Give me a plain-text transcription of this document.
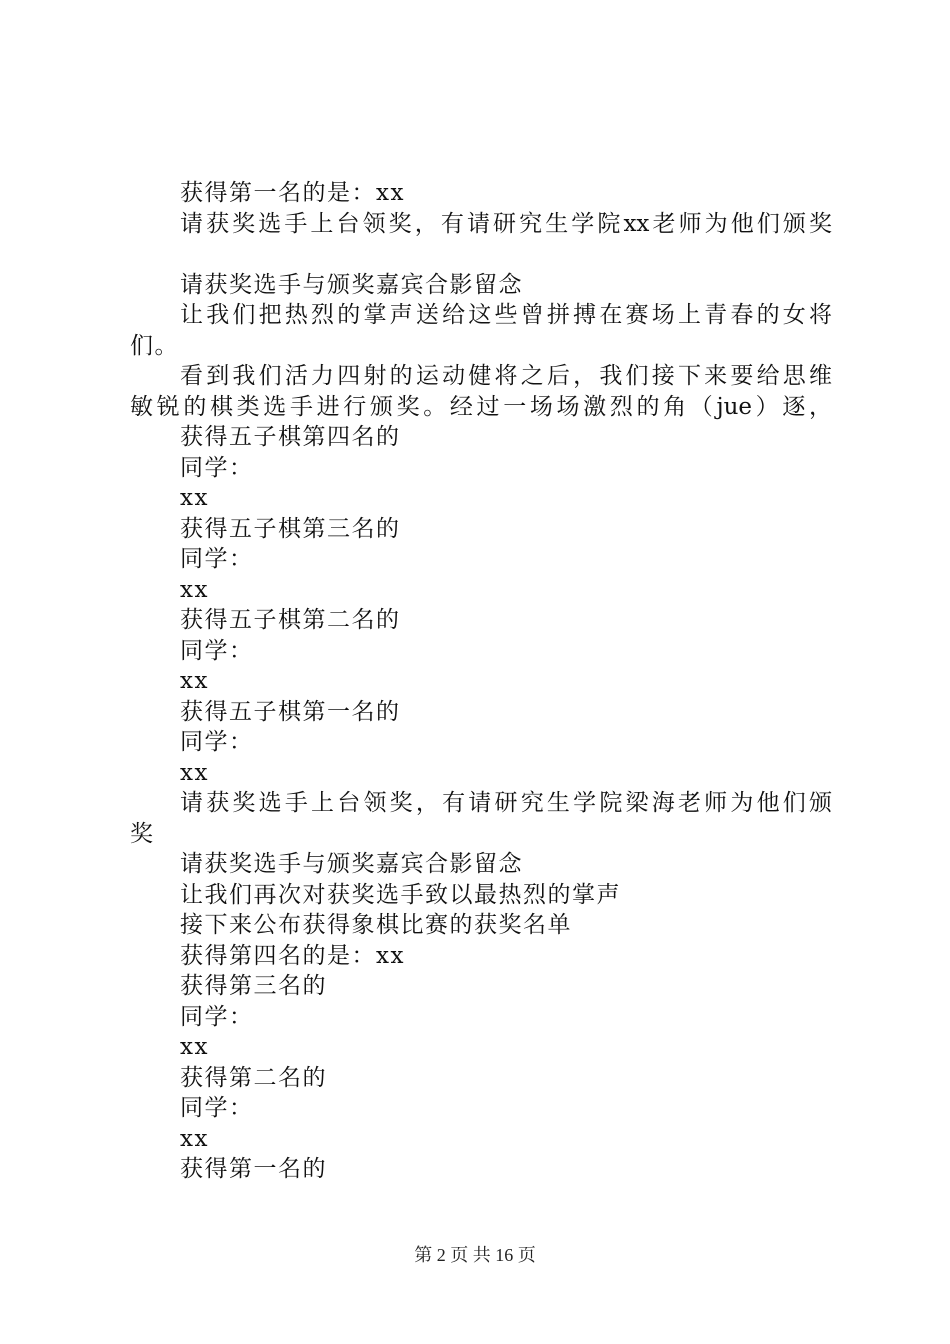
获得第一名的是：xx
请获奖选手上台领奖，有请研究生学院xx老师为他们颁奖
请获奖选手与颁奖嘉宾合影留念
让我们把热烈的掌声送给这些曾拼搏在赛场上青春的女将
们。
看到我们活力四射的运动健将之后，我们接下来要给思维
敏锐的棋类选手进行颁奖。经过一场场激烈的角（jue）逐，
获得五子棋第四名的
同学：
xx
获得五子棋第三名的
同学：
xx
获得五子棋第二名的
同学：
xx
获得五子棋第一名的
同学：
xx
请获奖选手上台领奖，有请研究生学院梁海老师为他们颁
奖
请获奖选手与颁奖嘉宾合影留念
让我们再次对获奖选手致以最热烈的掌声
接下来公布获得象棋比赛的获奖名单
获得第四名的是：xx
获得第三名的
同学：
xx
获得第二名的
同学：
xx
获得第一名的
第 2 页 共 16 页
